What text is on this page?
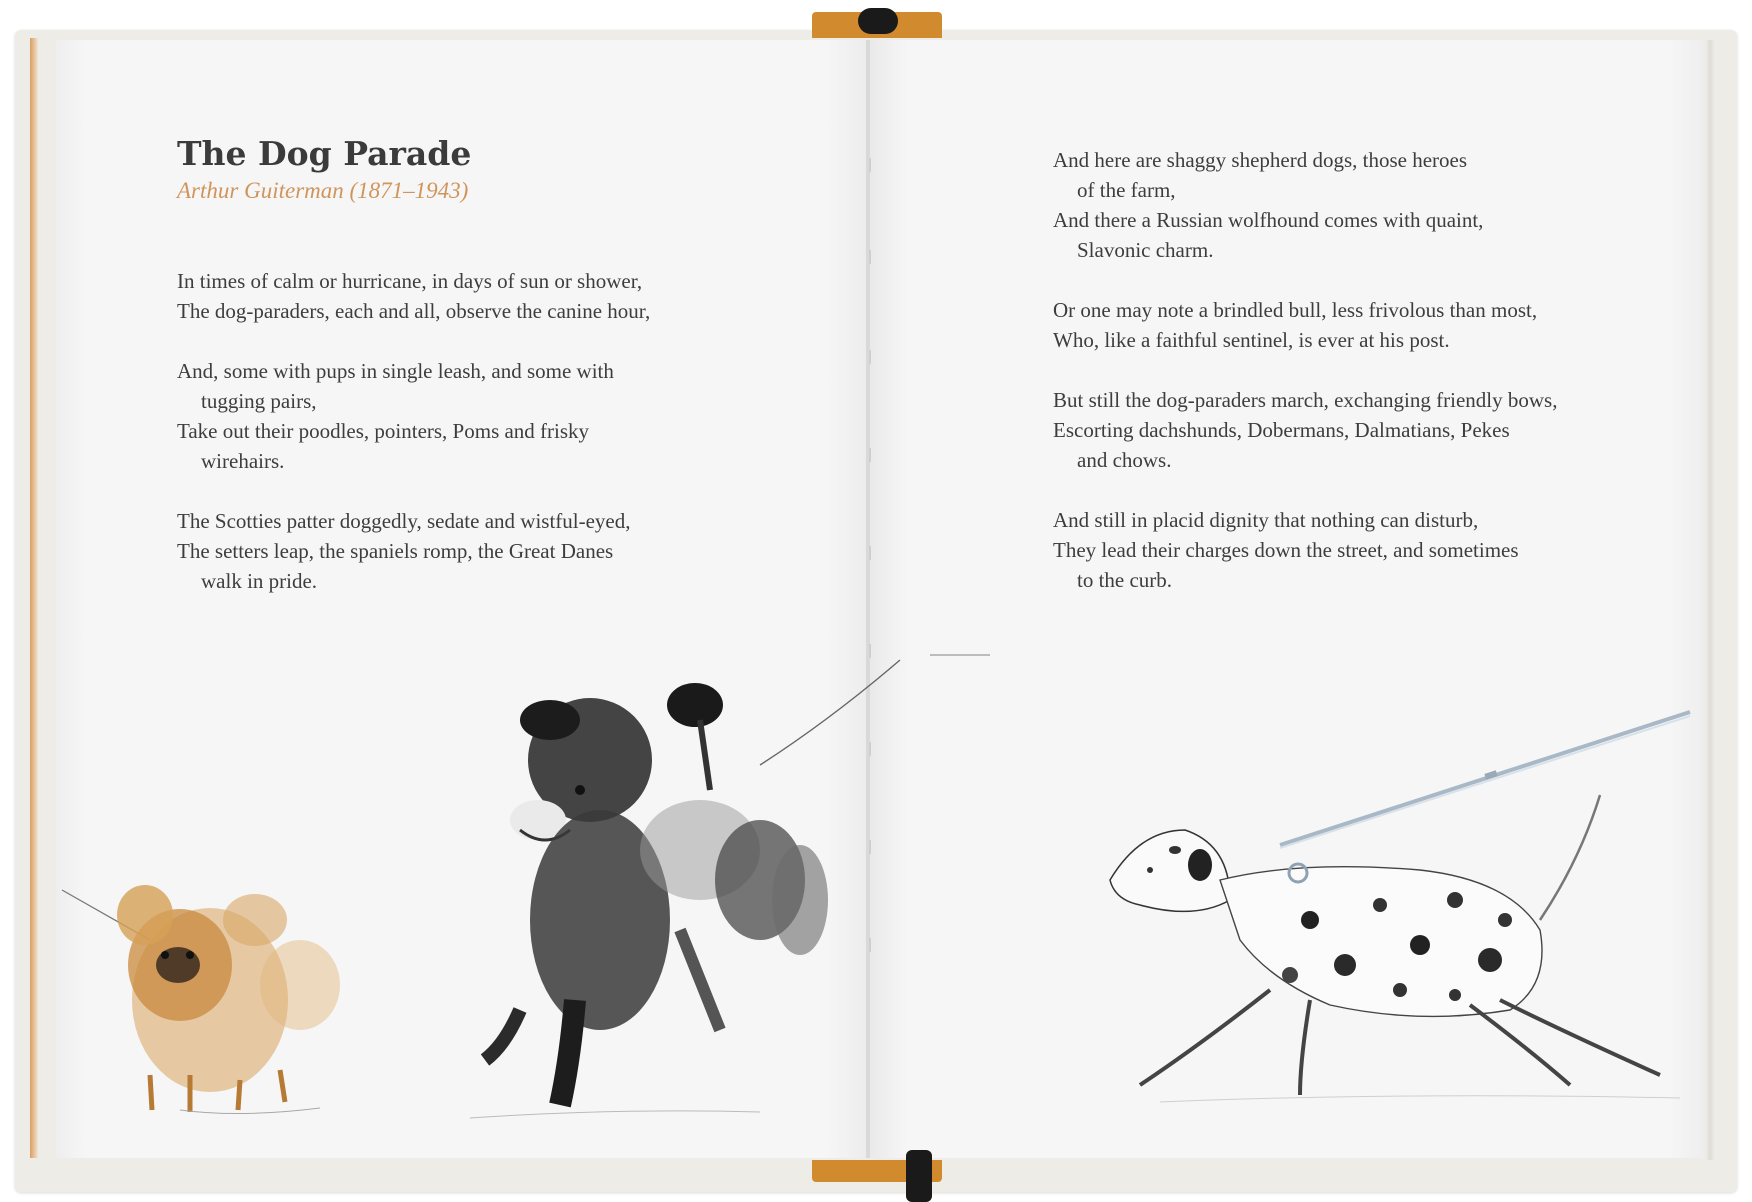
The Dog Parade
Arthur Guiterman (1871–1943)
In times of calm or hurricane, in days of sun or shower,
The dog-paraders, each and all, observe the canine hour,
And, some with pups in single leash, and some with
tugging pairs,
Take out their poodles, pointers, Poms and frisky
wirehairs.
The Scotties patter doggedly, sedate and wistful-eyed,
The setters leap, the spaniels romp, the Great Danes
walk in pride.
And here are shaggy shepherd dogs, those heroes
of the farm,
And there a Russian wolfhound comes with quaint,
Slavonic charm.
Or one may note a brindled bull, less frivolous than most,
Who, like a faithful sentinel, is ever at his post.
But still the dog-paraders march, exchanging friendly bows,
Escorting dachshunds, Dobermans, Dalmatians, Pekes
and chows.
And still in placid dignity that nothing can disturb,
They lead their charges down the street, and sometimes
to the curb.
